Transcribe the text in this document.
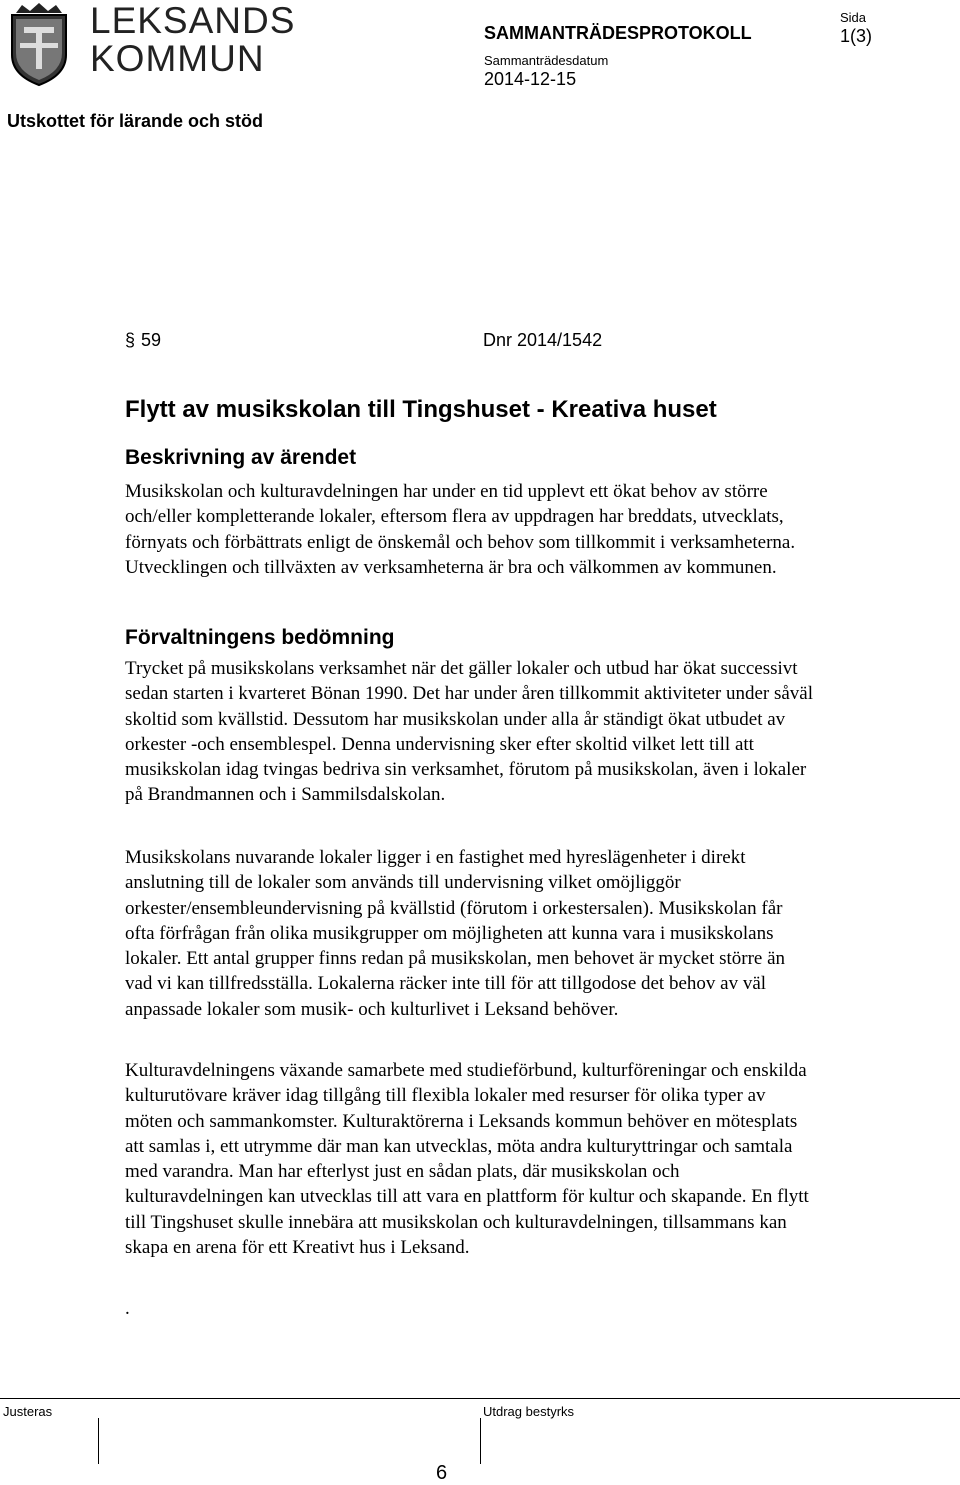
LEKSANDS
KOMMUN
SAMMANTRÄDESPROTOKOLL
Sammanträdesdatum
2014-12-15
Sida
1(3)
Utskottet för lärande och stöd
§ 59	Dnr 2014/1542
Flytt av musikskolan till Tingshuset - Kreativa huset
Beskrivning av ärendet

Musikskolan och kulturavdelningen har under en tid upplevt ett ökat behov av större och/eller kompletterande lokaler, eftersom flera av uppdragen har breddats, utvecklats, förnyats och förbättrats enligt de önskemål och behov som tillkommit i verksamheterna. Utvecklingen och tillväxten av verksamheterna är bra och välkommen av kommunen.

Förvaltningens bedömning

Trycket på musikskolans verksamhet när det gäller lokaler och utbud har ökat successivt sedan starten i kvarteret Bönan 1990. Det har under åren tillkommit aktiviteter under såväl skoltid som kvällstid. Dessutom har musikskolan under alla år ständigt ökat utbudet av orkester -och ensemblespel. Denna undervisning sker efter skoltid vilket lett till att musikskolan idag tvingas bedriva sin verksamhet, förutom på musikskolan, även i lokaler på Brandmannen och i Sammilsdalskolan.

Musikskolans nuvarande lokaler ligger i en fastighet med hyreslägenheter i direkt anslutning till de lokaler som används till undervisning vilket omöjliggör orkester/ensembleundervisning på kvällstid (förutom i orkestersalen). Musikskolan får ofta förfrågan från olika musikgrupper om möjligheten att kunna vara i musikskolans lokaler. Ett antal grupper finns redan på musikskolan, men behovet är mycket större än vad vi kan tillfredsställa. Lokalerna räcker inte till för att tillgodose det behov av väl anpassade lokaler som musik- och kulturlivet i Leksand behöver.

Kulturavdelningens växande samarbete med studieförbund, kulturföreningar och enskilda kulturutövare kräver idag tillgång till flexibla lokaler med resurser för olika typer av möten och sammankomster. Kulturaktörerna i Leksands kommun behöver en mötesplats att samlas i, ett utrymme där man kan utvecklas, möta andra kulturyttringar och samtala med varandra. Man har efterlyst just en sådan plats, där musikskolan och kulturavdelningen kan utvecklas till att vara en plattform för kultur och skapande. En flytt till Tingshuset skulle innebära att musikskolan och kulturavdelningen, tillsammans kan skapa en arena för ett Kreativt hus i Leksand.

.
Justeras	Utdrag bestyrks
6
